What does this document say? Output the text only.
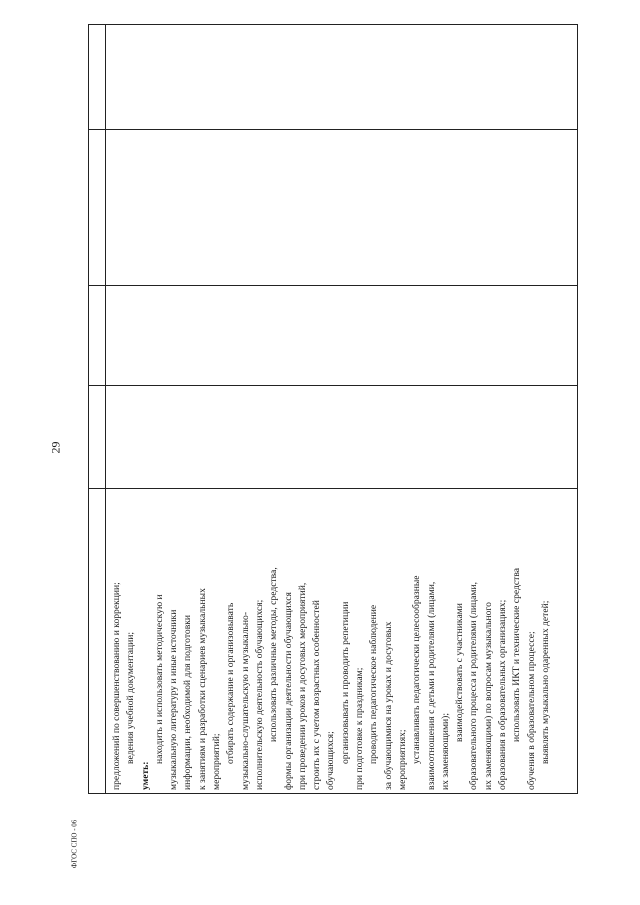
29
ФГОС СПО - 06
предложений по совершенствованию и коррекции; ведения учебной документации;
уметь:
находить и использовать методическую и музыкальную литературу и иные источники информации, необходимой для подготовки к занятиям и разработки сценариев музыкальных мероприятий; отбирать содержание и организовывать музыкально-слушательскую и музыкально- исполнительскую деятельность обучающихся; использовать различные методы, средства, формы организации деятельности обучающихся при проведении уроков и досуговых мероприятий, строить их с учетом возрастных особенностей обучающихся; организовывать и проводить репетиции при подготовке к праздникам; проводить педагогическое наблюдение за обучающимися на уроках и досуговых мероприятиях; устанавливать педагогически целесообразные взаимоотношения с детьми и родителями (лицами, их заменяющими);
взаимодействовать с участниками образовательного процесса и родителями (лицами, их заменяющими) по вопросам музыкального образования в образовательных организациях; использовать ИКТ и технические средства обучения в образовательном процессе; выявлять музыкально одаренных детей;
